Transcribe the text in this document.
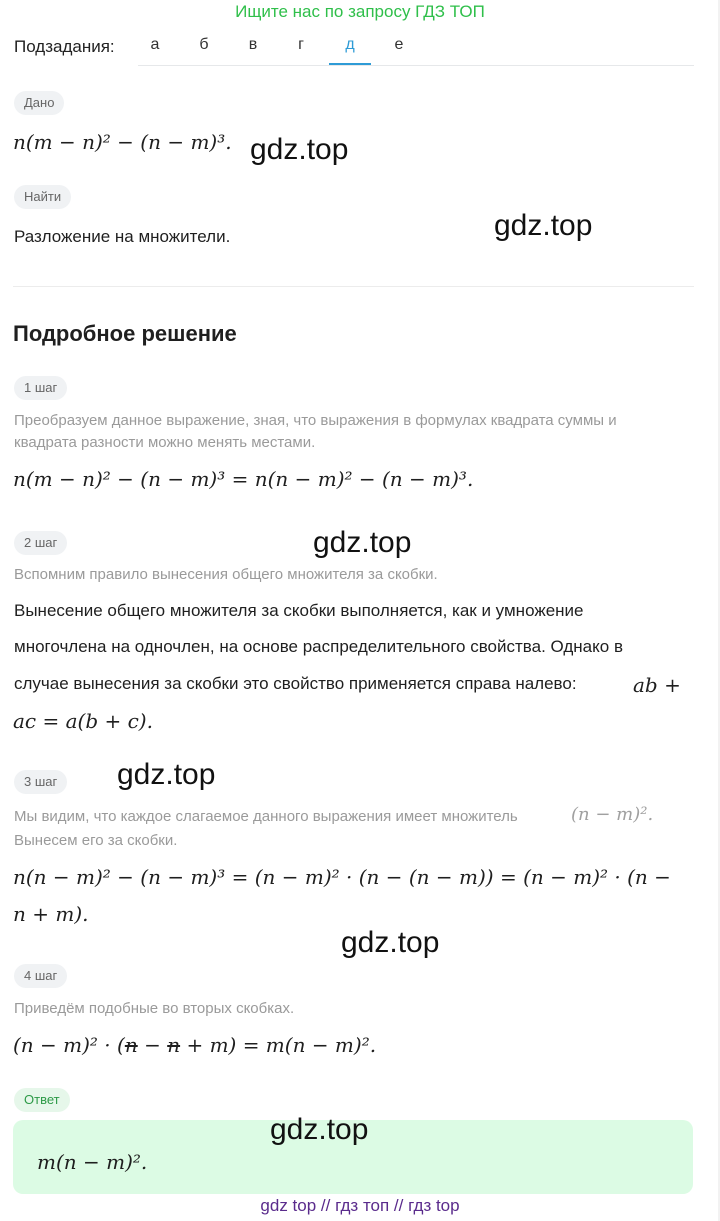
Ищите нас по запросу ГДЗ ТОП
Подзадания:	а	б	в	г	д	е
Дано
n(m − n)² − (n − m)³.
Найти
Разложение на множители.
Подробное решение
1 шаг
Преобразуем данное выражение, зная, что выражения в формулах квадрата суммы и
квадрата разности можно менять местами.
n(m − n)² − (n − m)³ = n(n − m)² − (n − m)³.
2 шаг
Вспомним правило вынесения общего множителя за скобки.
Вынесение общего множителя за скобки выполняется, как и умножение
многочлена на одночлен, на основе распределительного свойства. Однако в
случае вынесения за скобки это свойство применяется справа налево:	ab +
ac = a(b + c).
3 шаг
Мы видим, что каждое слагаемое данного выражения имеет множитель	(n − m)².
Вынесем его за скобки.
n(n − m)² − (n − m)³ = (n − m)² · (n − (n − m)) = (n − m)² · (n −
n + m).
4 шаг
Приведём подобные во вторых скобках.
(n − m)² · (n − n + m) = m(n − m)².
Ответ
m(n − m)².
gdz.top
gdz.top
gdz.top
gdz.top
gdz.top
gdz.top
gdz top // гдз топ // гдз top
